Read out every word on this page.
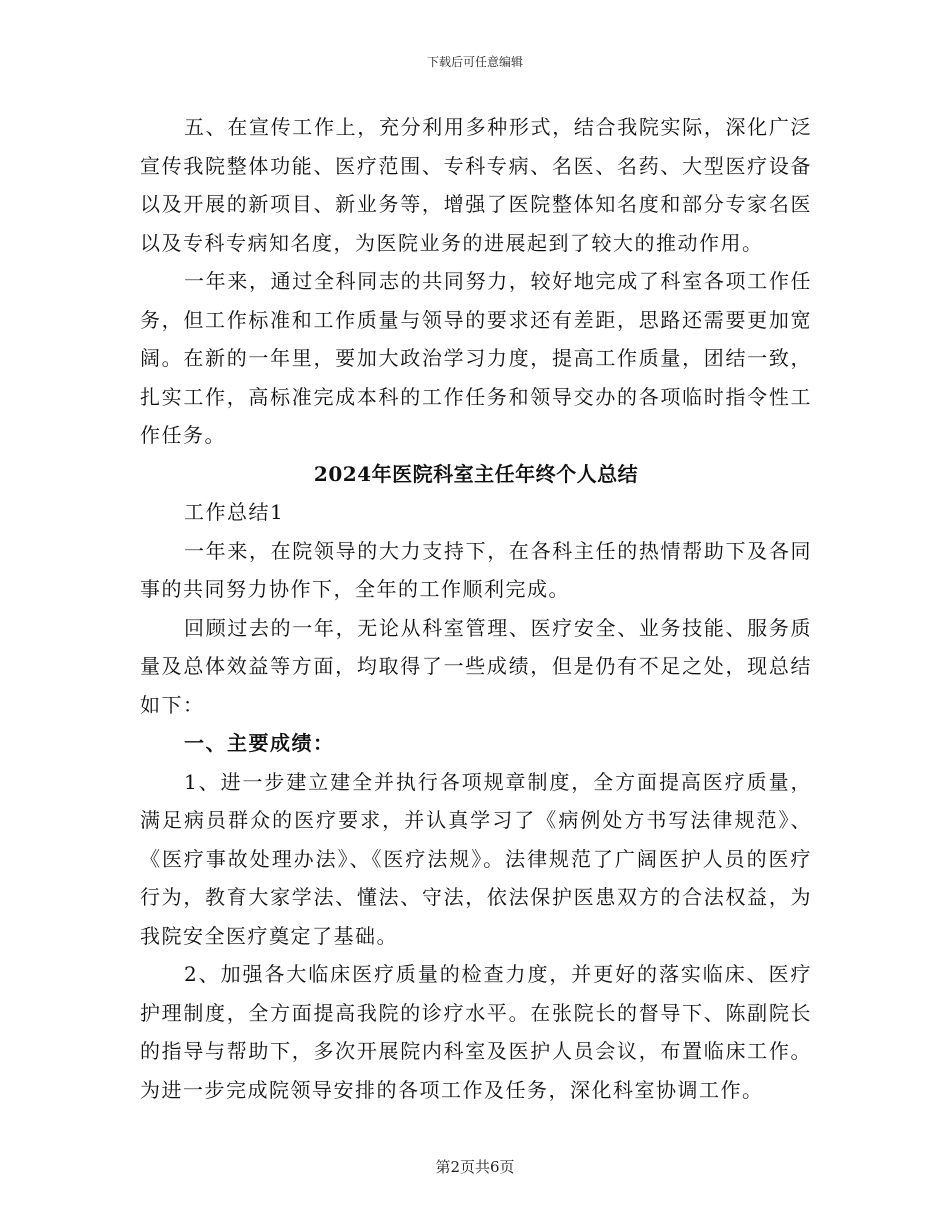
下载后可任意编辑

五、在宣传工作上，充分利用多种形式，结合我院实际，深化广泛宣传我院整体功能、医疗范围、专科专病、名医、名药、大型医疗设备以及开展的新项目、新业务等，增强了医院整体知名度和部分专家名医以及专科专病知名度，为医院业务的进展起到了较大的推动作用。

一年来，通过全科同志的共同努力，较好地完成了科室各项工作任务，但工作标准和工作质量与领导的要求还有差距，思路还需要更加宽阔。在新的一年里，要加大政治学习力度，提高工作质量，团结一致，扎实工作，高标准完成本科的工作任务和领导交办的各项临时指令性工作任务。

2024年医院科室主任年终个人总结

工作总结1

一年来，在院领导的大力支持下，在各科主任的热情帮助下及各同事的共同努力协作下，全年的工作顺利完成。

回顾过去的一年，无论从科室管理、医疗安全、业务技能、服务质量及总体效益等方面，均取得了一些成绩，但是仍有不足之处，现总结如下：

一、主要成绩：

1、进一步建立建全并执行各项规章制度，全方面提高医疗质量，满足病员群众的医疗要求，并认真学习了《病例处方书写法律规范》、《医疗事故处理办法》、《医疗法规》。法律规范了广阔医护人员的医疗行为，教育大家学法、懂法、守法，依法保护医患双方的合法权益，为我院安全医疗奠定了基础。

2、加强各大临床医疗质量的检查力度，并更好的落实临床、医疗护理制度，全方面提高我院的诊疗水平。在张院长的督导下、陈副院长的指导与帮助下，多次开展院内科室及医护人员会议，布置临床工作。为进一步完成院领导安排的各项工作及任务，深化科室协调工作。

第2页共6页
